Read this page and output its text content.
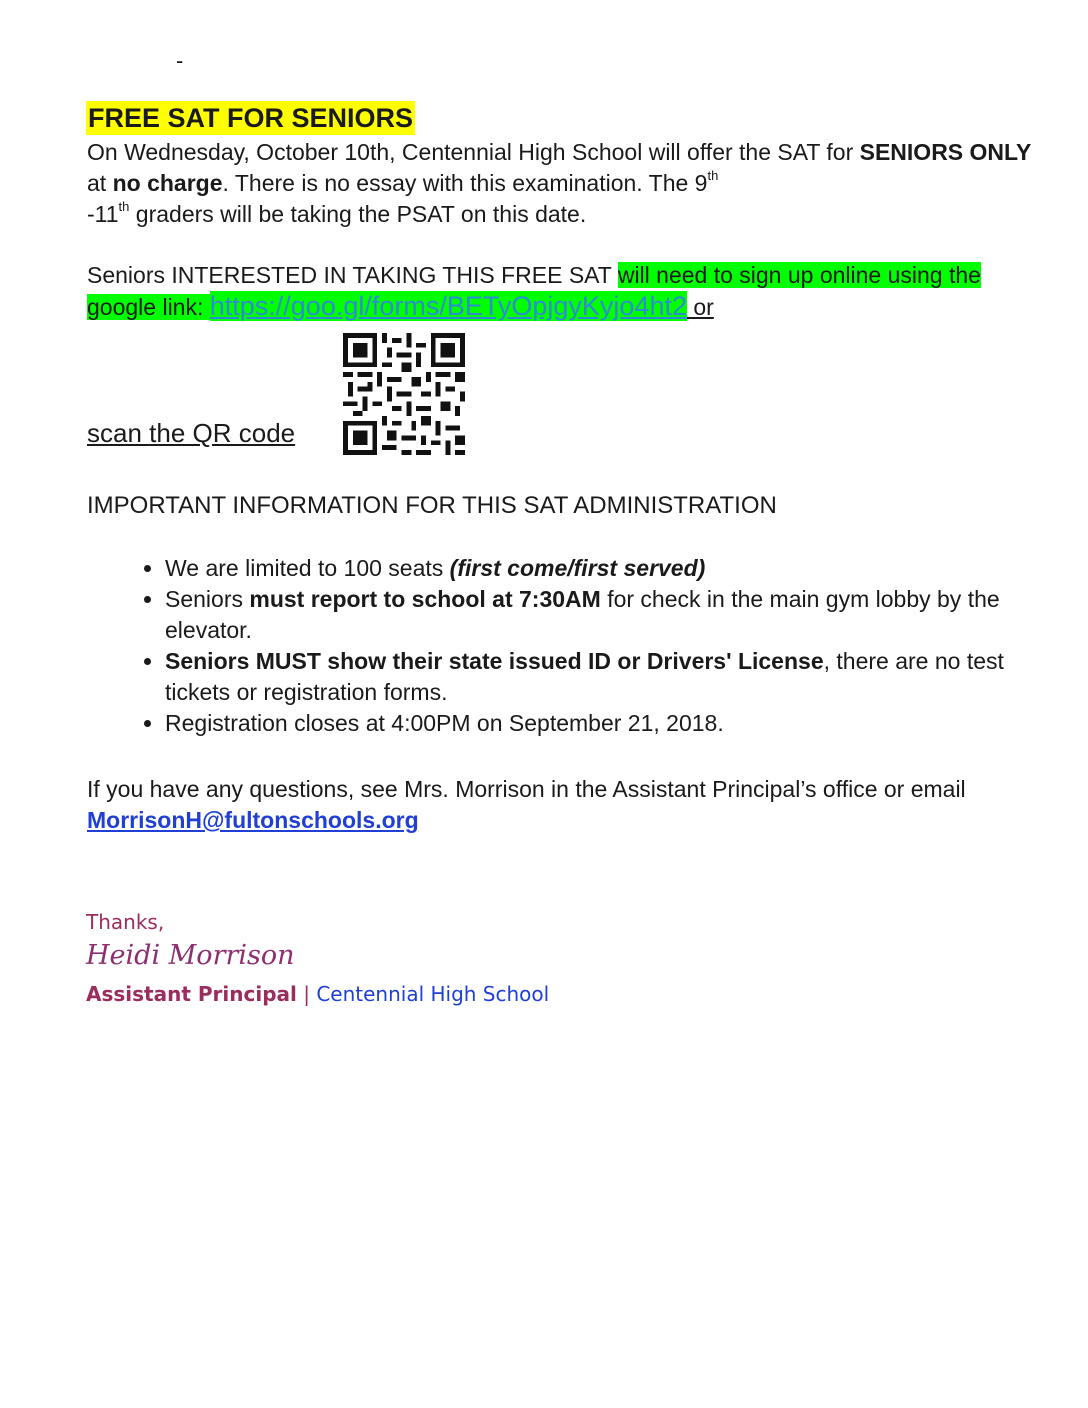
-
FREE SAT FOR SENIORS
On Wednesday, October 10th, Centennial High School will offer the SAT for SENIORS ONLY at no charge. There is no essay with this examination. The 9th
-11th graders will be taking the PSAT on this date.
Seniors INTERESTED IN TAKING THIS FREE SAT will need to sign up online using the google link: https://goo.gl/forms/BETyOpjgyKyjo4ht2 or
scan the QR code
IMPORTANT INFORMATION FOR THIS SAT ADMINISTRATION
• We are limited to 100 seats (first come/first served)
• Seniors must report to school at 7:30AM for check in the main gym lobby by the elevator.
• Seniors MUST show their state issued ID or Drivers' License, there are no test tickets or registration forms.
• Registration closes at 4:00PM on September 21, 2018.
If you have any questions, see Mrs. Morrison in the Assistant Principal’s office or email MorrisonH@fultonschools.org
Thanks,
Heidi Morrison
Assistant Principal | Centennial High School
